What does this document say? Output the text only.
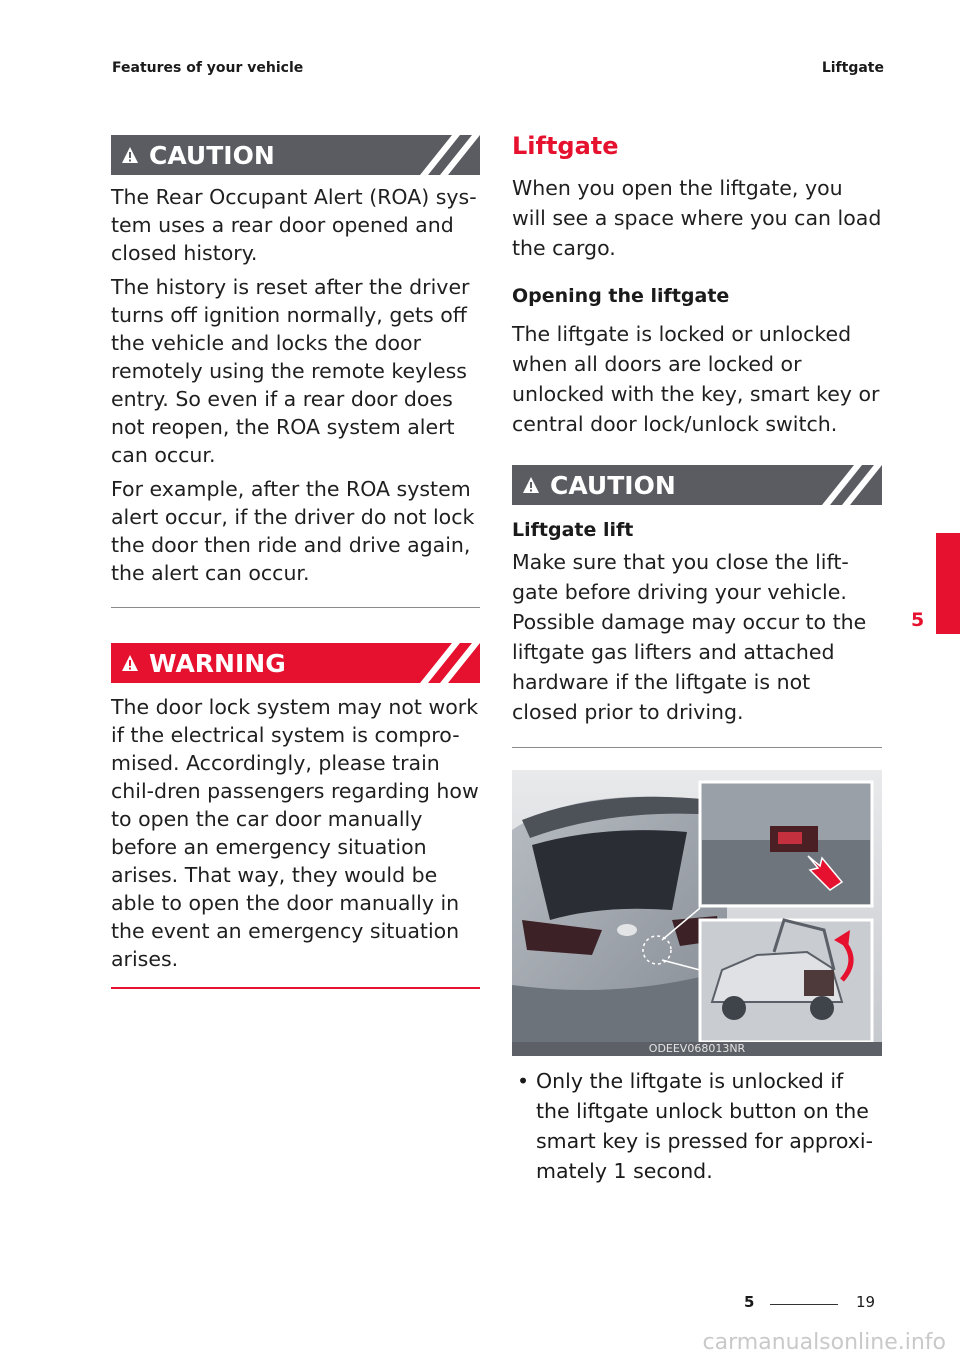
Features of your vehicle	Liftgate
CAUTION

The Rear Occupant Alert (ROA) sys-tem uses a rear door opened and closed history.

The history is reset after the driver turns off ignition normally, gets off the vehicle and locks the door remotely using the remote keyless entry. So even if a rear door does not reopen, the ROA system alert can occur.

For example, after the ROA system alert occur, if the driver do not lock the door then ride and drive again, the alert can occur.

WARNING

The door lock system may not work if the electrical system is compro-mised. Accordingly, please train chil-dren passengers regarding how to open the car door manually before an emergency situation arises. That way, they would be able to open the door manually in the event an emergency situation arises.

Liftgate

When you open the liftgate, you will see a space where you can load the cargo.

Opening the liftgate

The liftgate is locked or unlocked when all doors are locked or unlocked with the key, smart key or central door lock/unlock switch.

CAUTION
Liftgate lift

Make sure that you close the lift-gate before driving your vehicle. Possible damage may occur to the liftgate gas lifters and attached hardware if the liftgate is not closed prior to driving.

ODEEV068013NR
• Only the liftgate is unlocked if the liftgate unlock button on the smart key is pressed for approxi-mately 1 second.
5
5	19
carmanualsonline.info
